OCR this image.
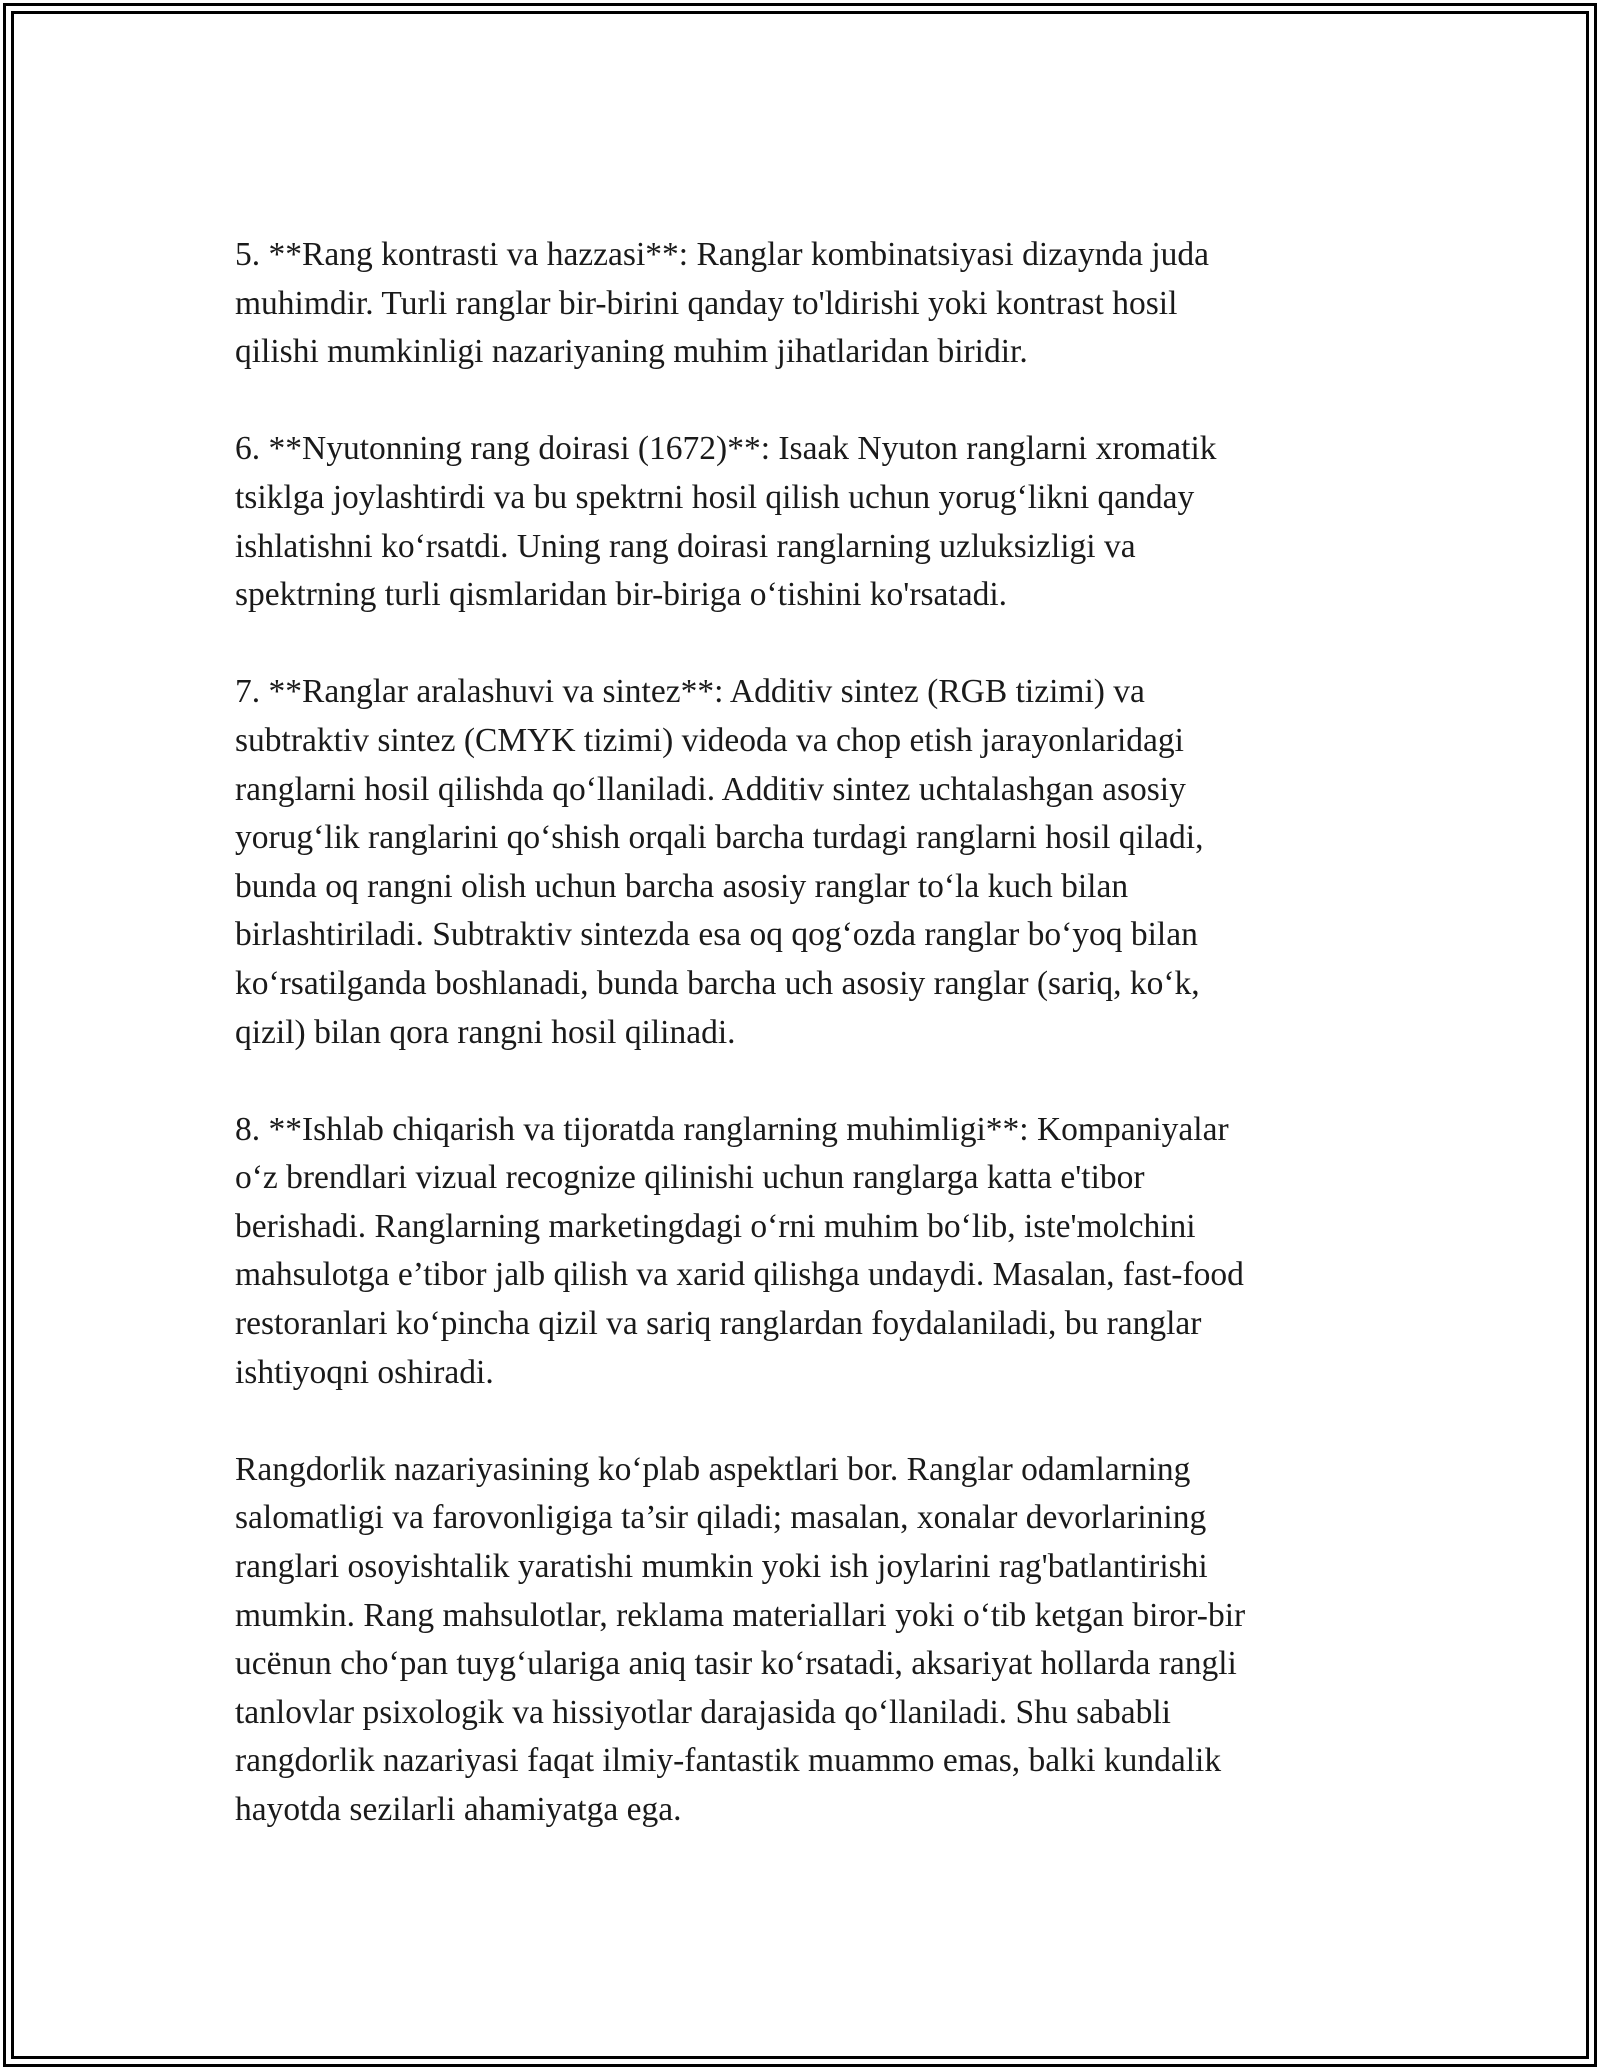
5. **Rang kontrasti va hazzasi**: Ranglar kombinatsiyasi dizaynda juda
muhimdir. Turli ranglar bir-birini qanday to'ldirishi yoki kontrast hosil
qilishi mumkinligi nazariyaning muhim jihatlaridan biridir.

6. **Nyutonning rang doirasi (1672)**: Isaak Nyuton ranglarni xromatik
tsiklga joylashtirdi va bu spektrni hosil qilish uchun yorug‘likni qanday
ishlatishni ko‘rsatdi. Uning rang doirasi ranglarning uzluksizligi va
spektrning turli qismlaridan bir-biriga o‘tishini ko'rsatadi.

7. **Ranglar aralashuvi va sintez**: Additiv sintez (RGB tizimi) va
subtraktiv sintez (CMYK tizimi) videoda va chop etish jarayonlaridagi
ranglarni hosil qilishda qo‘llaniladi. Additiv sintez uchtalashgan asosiy
yorug‘lik ranglarini qo‘shish orqali barcha turdagi ranglarni hosil qiladi,
bunda oq rangni olish uchun barcha asosiy ranglar to‘la kuch bilan
birlashtiriladi. Subtraktiv sintezda esa oq qog‘ozda ranglar bo‘yoq bilan
ko‘rsatilganda boshlanadi, bunda barcha uch asosiy ranglar (sariq, ko‘k,
qizil) bilan qora rangni hosil qilinadi.

8. **Ishlab chiqarish va tijoratda ranglarning muhimligi**: Kompaniyalar
o‘z brendlari vizual recognize qilinishi uchun ranglarga katta e'tibor
berishadi. Ranglarning marketingdagi o‘rni muhim bo‘lib, iste'molchini
mahsulotga e’tibor jalb qilish va xarid qilishga undaydi. Masalan, fast-food
restoranlari ko‘pincha qizil va sariq ranglardan foydalaniladi, bu ranglar
ishtiyoqni oshiradi.

Rangdorlik nazariyasining ko‘plab aspektlari bor. Ranglar odamlarning
salomatligi va farovonligiga ta’sir qiladi; masalan, xonalar devorlarining
ranglari osoyishtalik yaratishi mumkin yoki ish joylarini rag'batlantirishi
mumkin. Rang mahsulotlar, reklama materiallari yoki o‘tib ketgan biror-bir
ucënun cho‘pan tuyg‘ulariga aniq tasir ko‘rsatadi, aksariyat hollarda rangli
tanlovlar psixologik va hissiyotlar darajasida qo‘llaniladi. Shu sababli
rangdorlik nazariyasi faqat ilmiy-fantastik muammo emas, balki kundalik
hayotda sezilarli ahamiyatga ega.
